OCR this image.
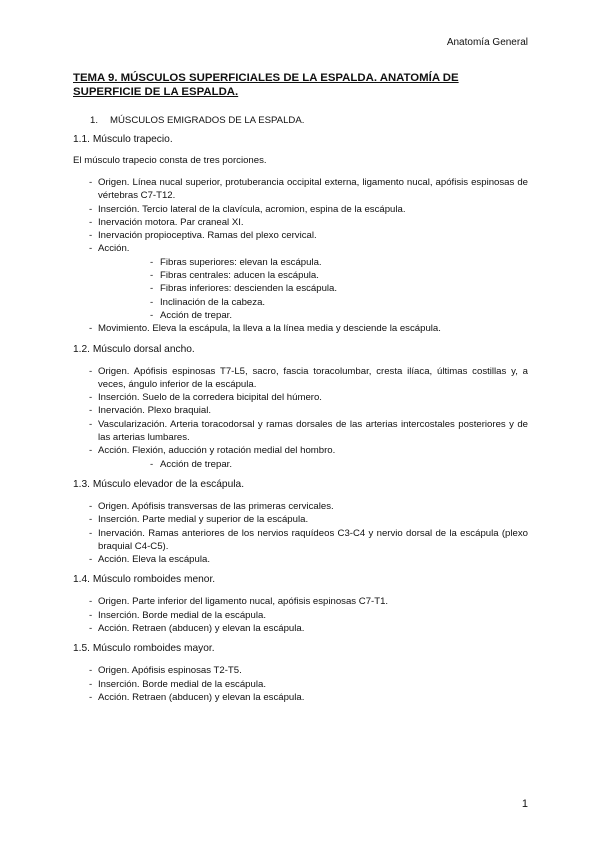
Anatomía General
TEMA 9. MÚSCULOS SUPERFICIALES DE LA ESPALDA. ANATOMÍA DE SUPERFICIE DE LA ESPALDA.
1. MÚSCULOS EMIGRADOS DE LA ESPALDA.
1.1. Músculo trapecio.
El músculo trapecio consta de tres porciones.
- Origen. Línea nucal superior, protuberancia occipital externa, ligamento nucal, apófisis espinosas de vértebras C7-T12.
- Inserción. Tercio lateral de la clavícula, acromion, espina de la escápula.
- Inervación motora. Par craneal XI.
- Inervación propioceptiva. Ramas del plexo cervical.
- Acción.
- Fibras superiores: elevan la escápula.
- Fibras centrales: aducen la escápula.
- Fibras inferiores: descienden la escápula.
- Inclinación de la cabeza.
- Acción de trepar.
- Movimiento. Eleva la escápula, la lleva a la línea media y desciende la escápula.
1.2. Músculo dorsal ancho.
- Origen. Apófisis espinosas T7-L5, sacro, fascia toracolumbar, cresta ilíaca, últimas costillas y, a veces, ángulo inferior de la escápula.
- Inserción. Suelo de la corredera bicipital del húmero.
- Inervación. Plexo braquial.
- Vascularización. Arteria toracodorsal y ramas dorsales de las arterias intercostales posteriores y de las arterias lumbares.
- Acción. Flexión, aducción y rotación medial del hombro.
- Acción de trepar.
1.3. Músculo elevador de la escápula.
- Origen. Apófisis transversas de las primeras cervicales.
- Inserción. Parte medial y superior de la escápula.
- Inervación. Ramas anteriores de los nervios raquídeos C3-C4 y nervio dorsal de la escápula (plexo braquial C4-C5).
- Acción. Eleva la escápula.
1.4. Músculo romboides menor.
- Origen. Parte inferior del ligamento nucal, apófisis espinosas C7-T1.
- Inserción. Borde medial de la escápula.
- Acción. Retraen (abducen) y elevan la escápula.
1.5. Músculo romboides mayor.
- Origen. Apófisis espinosas T2-T5.
- Inserción. Borde medial de la escápula.
- Acción. Retraen (abducen) y elevan la escápula.
1
